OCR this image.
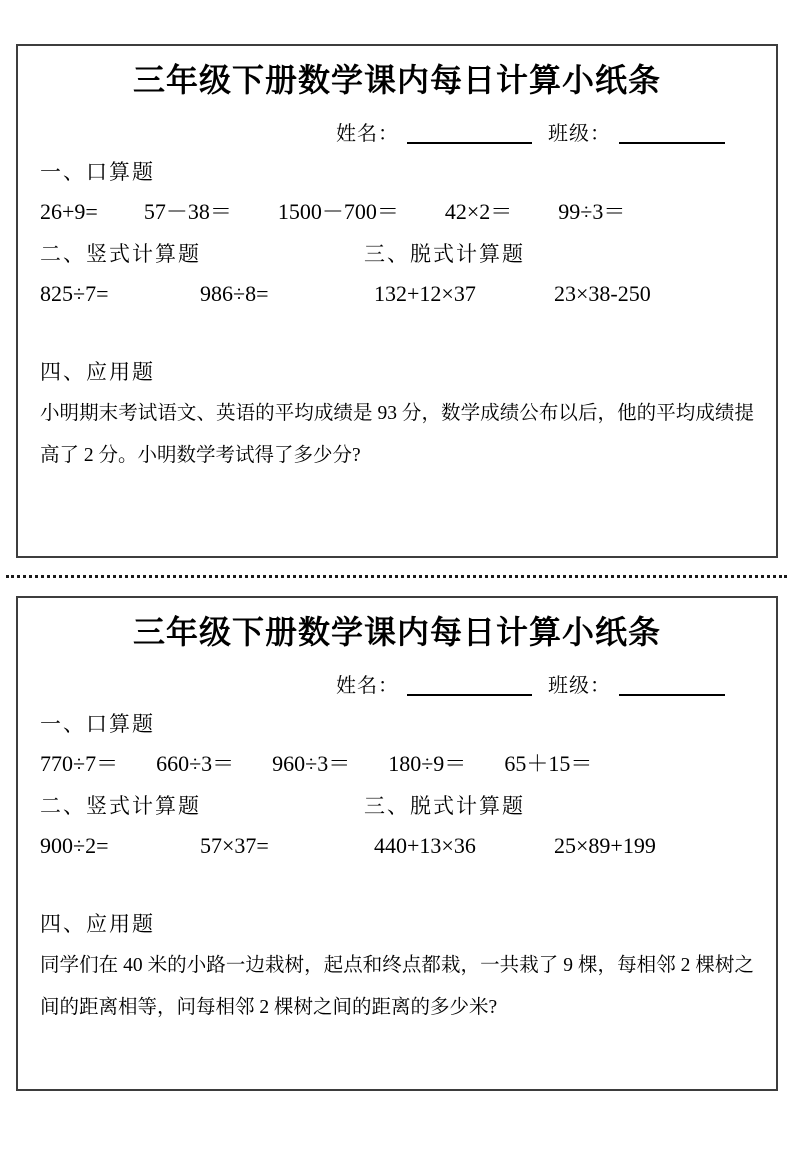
三年级下册数学课内每日计算小纸条
姓名：	班级：
一、口算题
26+9= 57－38＝ 1500－700＝ 42×2＝ 99÷3＝
二、竖式计算题	三、脱式计算题
825÷7=	986÷8=	132+12×37	23×38-250
四、应用题

小明期末考试语文、英语的平均成绩是 93 分，数学成绩公布以后，他的平均成绩提高了 2 分。小明数学考试得了多少分?

三年级下册数学课内每日计算小纸条
姓名：	班级：
一、口算题
770÷7＝ 660÷3＝ 960÷3＝ 180÷9＝ 65＋15＝
二、竖式计算题	三、脱式计算题
900÷2=	57×37=	440+13×36	25×89+199
四、应用题

同学们在 40 米的小路一边栽树，起点和终点都栽，一共栽了 9 棵，每相邻 2 棵树之间的距离相等，问每相邻 2 棵树之间的距离的多少米?
